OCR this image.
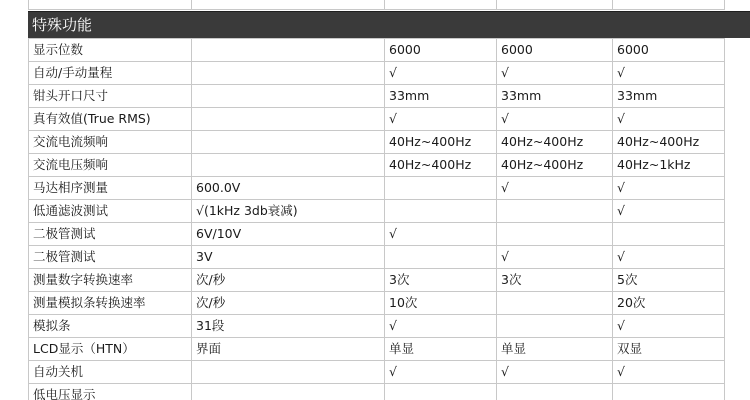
特殊功能
显示位数		6000	6000	6000
自动/手动量程		√	√	√
钳头开口尺寸		33mm	33mm	33mm
真有效值(True RMS)		√	√	√
交流电流频响		40Hz~400Hz	40Hz~400Hz	40Hz~400Hz
交流电压频响		40Hz~400Hz	40Hz~400Hz	40Hz~1kHz
马达相序测量	600.0V		√	√
低通滤波测试	√(1kHz 3db衰减)			√
二极管测试	6V/10V	√		
二极管测试	3V		√	√
测量数字转换速率	次/秒	3次	3次	5次
测量模拟条转换速率	次/秒	10次		20次
模拟条	31段	√		√
LCD显示（HTN）	界面	单显	单显	双显
自动关机		√	√	√
低电压显示				
